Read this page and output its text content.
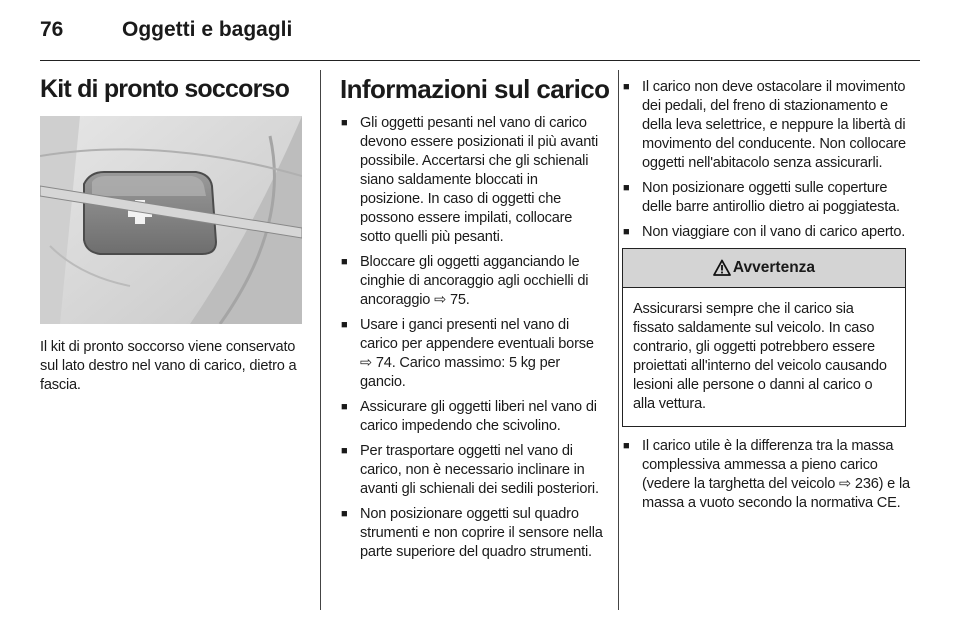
76	Oggetti e bagagli
Kit di pronto soccorso

Il kit di pronto soccorso viene conservato sul lato destro nel vano di carico, dietro a fascia.

Informazioni sul carico
■ Gli oggetti pesanti nel vano di carico devono essere posizionati il più avanti possibile. Accertarsi che gli schienali siano saldamente bloccati in posizione. In caso di oggetti che possono essere impilati, collocare sotto quelli più pesanti.
■ Bloccare gli oggetti agganciando le cinghie di ancoraggio agli occhielli di ancoraggio ⇨ 75.
■ Usare i ganci presenti nel vano di carico per appendere eventuali borse ⇨ 74. Carico massimo: 5 kg per gancio.
■ Assicurare gli oggetti liberi nel vano di carico impedendo che scivolino.
■ Per trasportare oggetti nel vano di carico, non è necessario inclinare in avanti gli schienali dei sedili posteriori.
■ Non posizionare oggetti sul quadro strumenti e non coprire il sensore nella parte superiore del quadro strumenti.
■ Il carico non deve ostacolare il movimento dei pedali, del freno di stazionamento e della leva selettrice, e neppure la libertà di movimento del conducente. Non collocare oggetti nell'abitacolo senza assicurarli.
■ Non posizionare oggetti sulle coperture delle barre antirollio dietro ai poggiatesta.
■ Non viaggiare con il vano di carico aperto.
Avvertenza

Assicurarsi sempre che il carico sia fissato saldamente sul veicolo. In caso contrario, gli oggetti potrebbero essere proiettati all'interno del veicolo causando lesioni alle persone o danni al carico o alla vettura.

■ Il carico utile è la differenza tra la massa complessiva ammessa a pieno carico (vedere la targhetta del veicolo ⇨ 236) e la massa a vuoto secondo la normativa CE.
